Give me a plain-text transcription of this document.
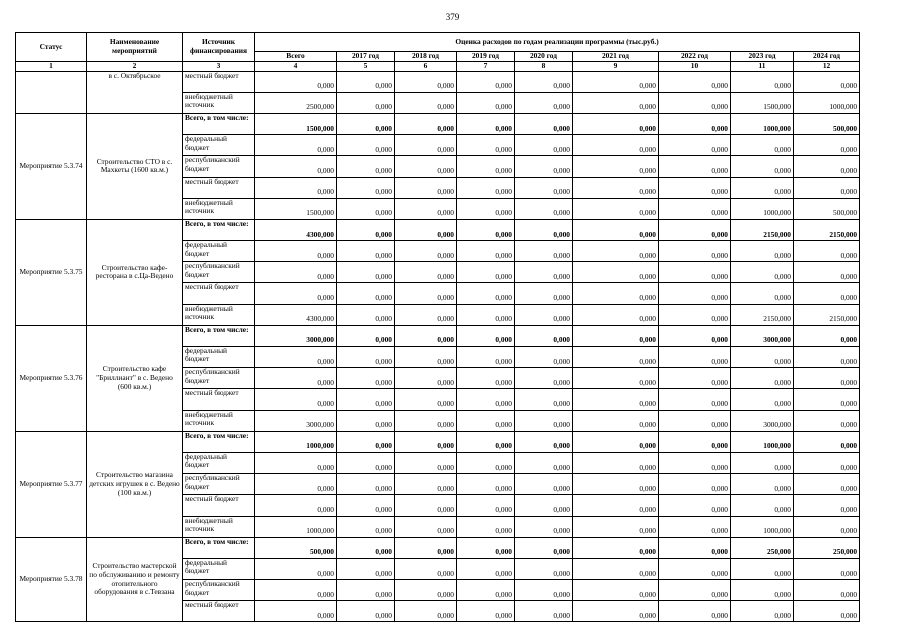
379
Статус	Наименование мероприятий	Источник финансирования	Оценка расходов по годам реализации программы (тыс.руб.)								
			Всего	2017 год	2018 год	2019 год	2020 год	2021 год	2022 год	2023 год	2024 год
1	2	3	4	5	6	7	8	9	10	11	12
	в с. Октябрьское	местный бюджет	0,000	0,000	0,000	0,000	0,000	0,000	0,000	0,000	0,000
		внебюджетный источник	2500,000	0,000	0,000	0,000	0,000	0,000	0,000	1500,000	1000,000
Мероприятие 5.3.74	Строительство СТО в с. Махкеты (1600 кв.м.)	Всего, в том числе:	1500,000	0,000	0,000	0,000	0,000	0,000	0,000	1000,000	500,000
		федеральный бюджет	0,000	0,000	0,000	0,000	0,000	0,000	0,000	0,000	0,000
		республиканский бюджет	0,000	0,000	0,000	0,000	0,000	0,000	0,000	0,000	0,000
		местный бюджет	0,000	0,000	0,000	0,000	0,000	0,000	0,000	0,000	0,000
		внебюджетный источник	1500,000	0,000	0,000	0,000	0,000	0,000	0,000	1000,000	500,000
Мероприятие 5.3.75	Строительство кафе-ресторана в с.Ца-Ведено	Всего, в том числе:	4300,000	0,000	0,000	0,000	0,000	0,000	0,000	2150,000	2150,000
		федеральный бюджет	0,000	0,000	0,000	0,000	0,000	0,000	0,000	0,000	0,000
		республиканский бюджет	0,000	0,000	0,000	0,000	0,000	0,000	0,000	0,000	0,000
		местный бюджет	0,000	0,000	0,000	0,000	0,000	0,000	0,000	0,000	0,000
		внебюджетный источник	4300,000	0,000	0,000	0,000	0,000	0,000	0,000	2150,000	2150,000
Мероприятие 5.3.76	Строительство кафе "Бриллиант" в с. Ведено (600 кв.м.)	Всего, в том числе:	3000,000	0,000	0,000	0,000	0,000	0,000	0,000	3000,000	0,000
		федеральный бюджет	0,000	0,000	0,000	0,000	0,000	0,000	0,000	0,000	0,000
		республиканский бюджет	0,000	0,000	0,000	0,000	0,000	0,000	0,000	0,000	0,000
		местный бюджет	0,000	0,000	0,000	0,000	0,000	0,000	0,000	0,000	0,000
		внебюджетный источник	3000,000	0,000	0,000	0,000	0,000	0,000	0,000	3000,000	0,000
Мероприятие 5.3.77	Строительство магазина детских игрушек в с. Ведено (100 кв.м.)	Всего, в том числе:	1000,000	0,000	0,000	0,000	0,000	0,000	0,000	1000,000	0,000
		федеральный бюджет	0,000	0,000	0,000	0,000	0,000	0,000	0,000	0,000	0,000
		республиканский бюджет	0,000	0,000	0,000	0,000	0,000	0,000	0,000	0,000	0,000
		местный бюджет	0,000	0,000	0,000	0,000	0,000	0,000	0,000	0,000	0,000
		внебюджетный источник	1000,000	0,000	0,000	0,000	0,000	0,000	0,000	1000,000	0,000
Мероприятие 5.3.78	Строительство мастерской по обслуживанию и ремонту отопительного оборудования в с.Тевзана	Всего, в том числе:	500,000	0,000	0,000	0,000	0,000	0,000	0,000	250,000	250,000
		федеральный бюджет	0,000	0,000	0,000	0,000	0,000	0,000	0,000	0,000	0,000
		республиканский бюджет	0,000	0,000	0,000	0,000	0,000	0,000	0,000	0,000	0,000
		местный бюджет	0,000	0,000	0,000	0,000	0,000	0,000	0,000	0,000	0,000
